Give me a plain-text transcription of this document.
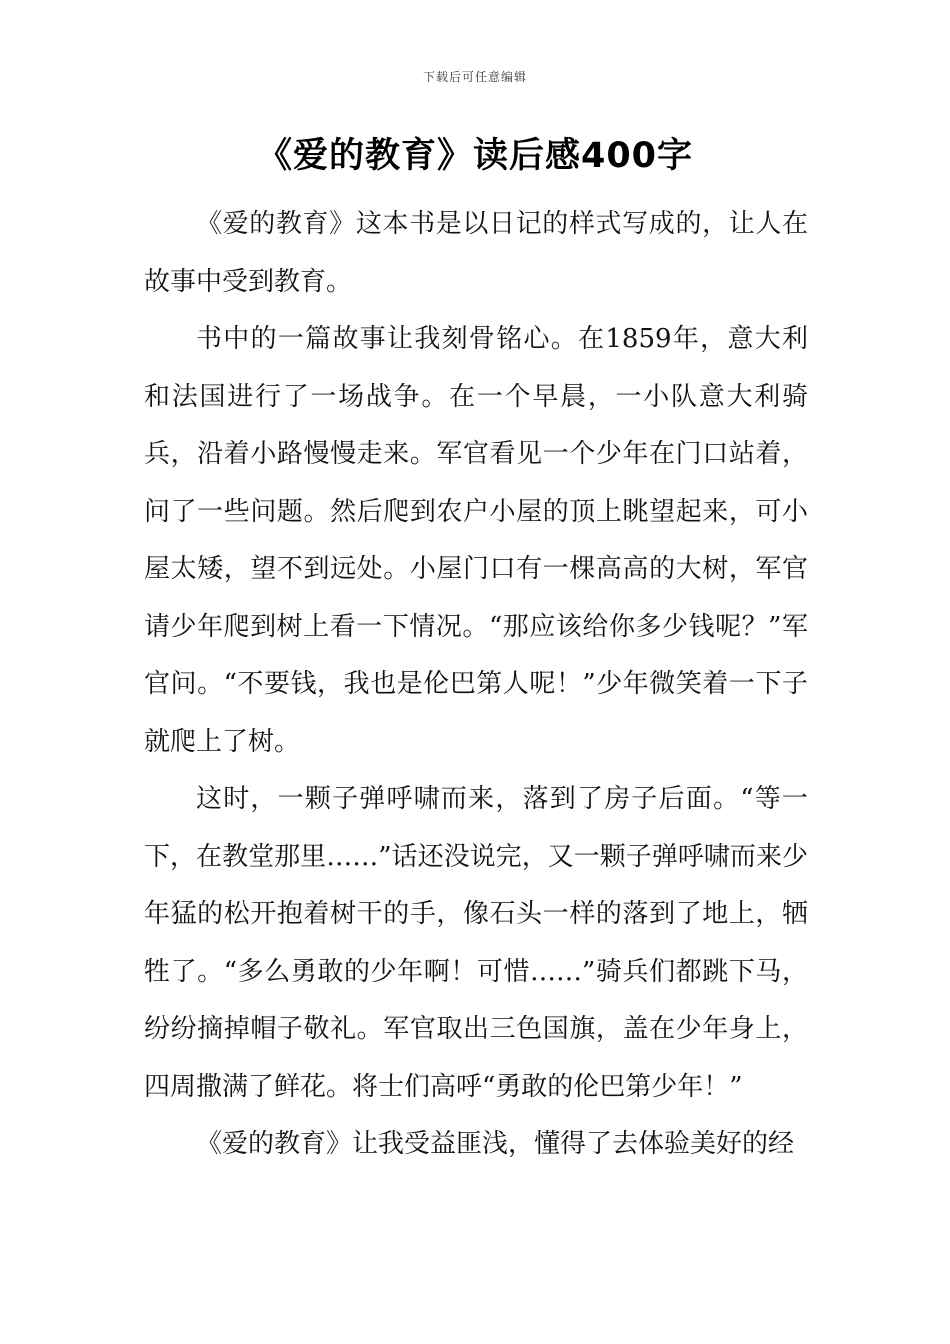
下载后可任意编辑
《爱的教育》读后感400字

《爱的教育》这本书是以日记的样式写成的，让人在故事中受到教育。

书中的一篇故事让我刻骨铭心。在1859年，意大利和法国进行了一场战争。在一个早晨，一小队意大利骑兵，沿着小路慢慢走来。军官看见一个少年在门口站着，问了一些问题。然后爬到农户小屋的顶上眺望起来，可小屋太矮，望不到远处。小屋门口有一棵高高的大树，军官请少年爬到树上看一下情况。“那应该给你多少钱呢？”军官问。“不要钱，我也是伦巴第人呢！”少年微笑着一下子就爬上了树。

这时，一颗子弹呼啸而来，落到了房子后面。“等一下，在教堂那里……”话还没说完，又一颗子弹呼啸而来少年猛的松开抱着树干的手，像石头一样的落到了地上，牺牲了。“多么勇敢的少年啊！可惜……”骑兵们都跳下马，纷纷摘掉帽子敬礼。军官取出三色国旗，盖在少年身上，四周撒满了鲜花。将士们高呼“勇敢的伦巴第少年！”

《爱的教育》让我受益匪浅，懂得了去体验美好的经
